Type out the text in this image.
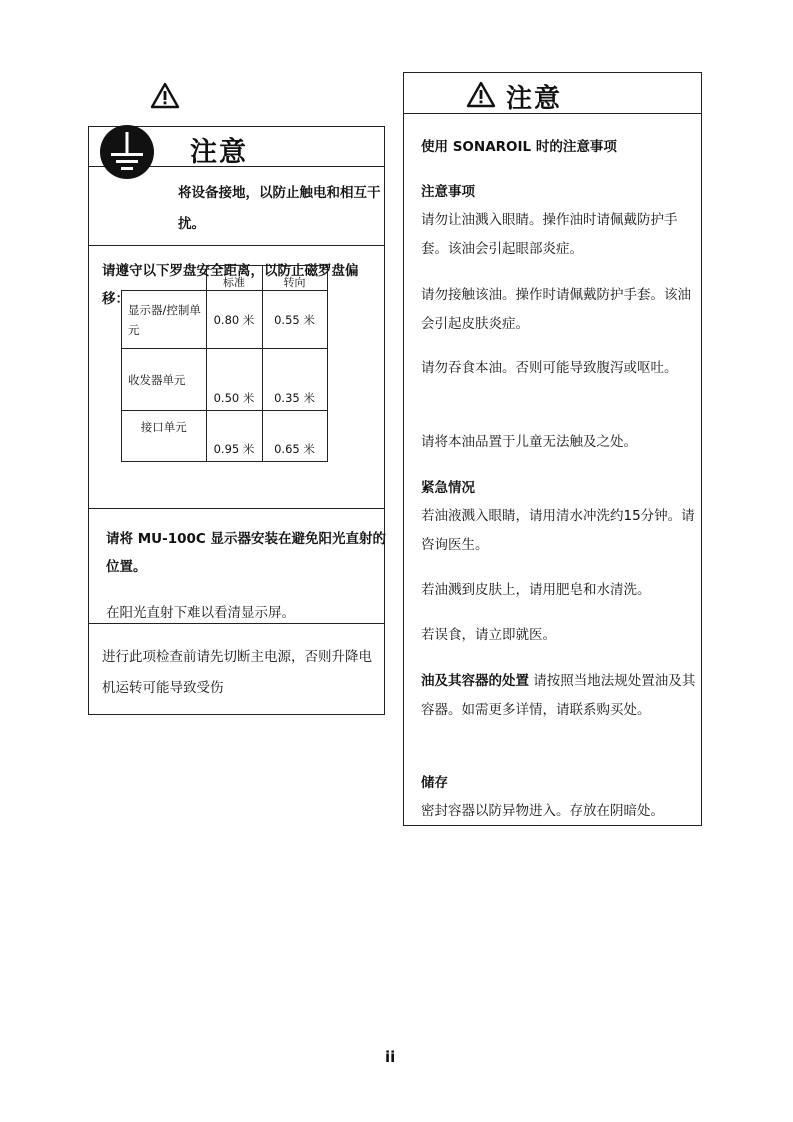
注意
将设备接地，以防止触电和相互干扰。
请遵守以下罗盘安全距离，以防止磁罗盘偏移：
	标准	转向
显示器/控制单元	0.80 米	0.55 米
收发器单元	0.50 米	0.35 米
接口单元	0.95 米	0.65 米
请将 MU-100C 显示器安装在避免阳光直射的位置。
在阳光直射下难以看清显示屏。
进行此项检查前请先切断主电源，否则升降电机运转可能导致受伤
注意
使用 SONAROIL 时的注意事项
注意事项
请勿让油溅入眼睛。操作油时请佩戴防护手套。该油会引起眼部炎症。
请勿接触该油。操作时请佩戴防护手套。该油会引起皮肤炎症。
请勿吞食本油。否则可能导致腹泻或呕吐。
请将本油品置于儿童无法触及之处。
紧急情况
若油液溅入眼睛，请用清水冲洗约15分钟。请咨询医生。
若油溅到皮肤上，请用肥皂和水清洗。
若误食，请立即就医。
油及其容器的处置 请按照当地法规处置油及其容器。如需更多详情，请联系购买处。
储存
密封容器以防异物进入。存放在阴暗处。
ii
